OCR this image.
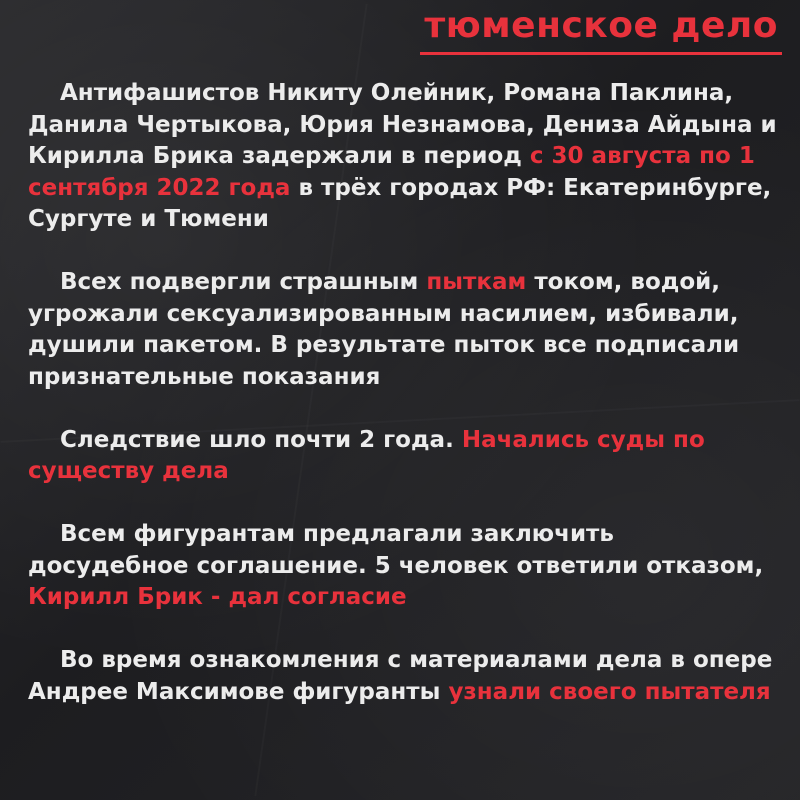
тюменское дело

Антифашистов Никиту Олейник, Романа Паклина, Данила Чертыкова, Юрия Незнамова, Дениза Айдына и Кирилла Брика задержали в период с 30 августа по 1 сентября 2022 года в трёх городах РФ: Екатеринбурге, Сургуте и Тюмени

Всех подвергли страшным пыткам током, водой, угрожали сексуализированным насилием, избивали, душили пакетом. В результате пыток все подписали признательные показания

Следствие шло почти 2 года. Начались суды по существу дела

Всем фигурантам предлагали заключить досудебное соглашение. 5 человек ответили отказом, Кирилл Брик - дал согласие

Во время ознакомления с материалами дела в опере Андрее Максимове фигуранты узнали своего пытателя
